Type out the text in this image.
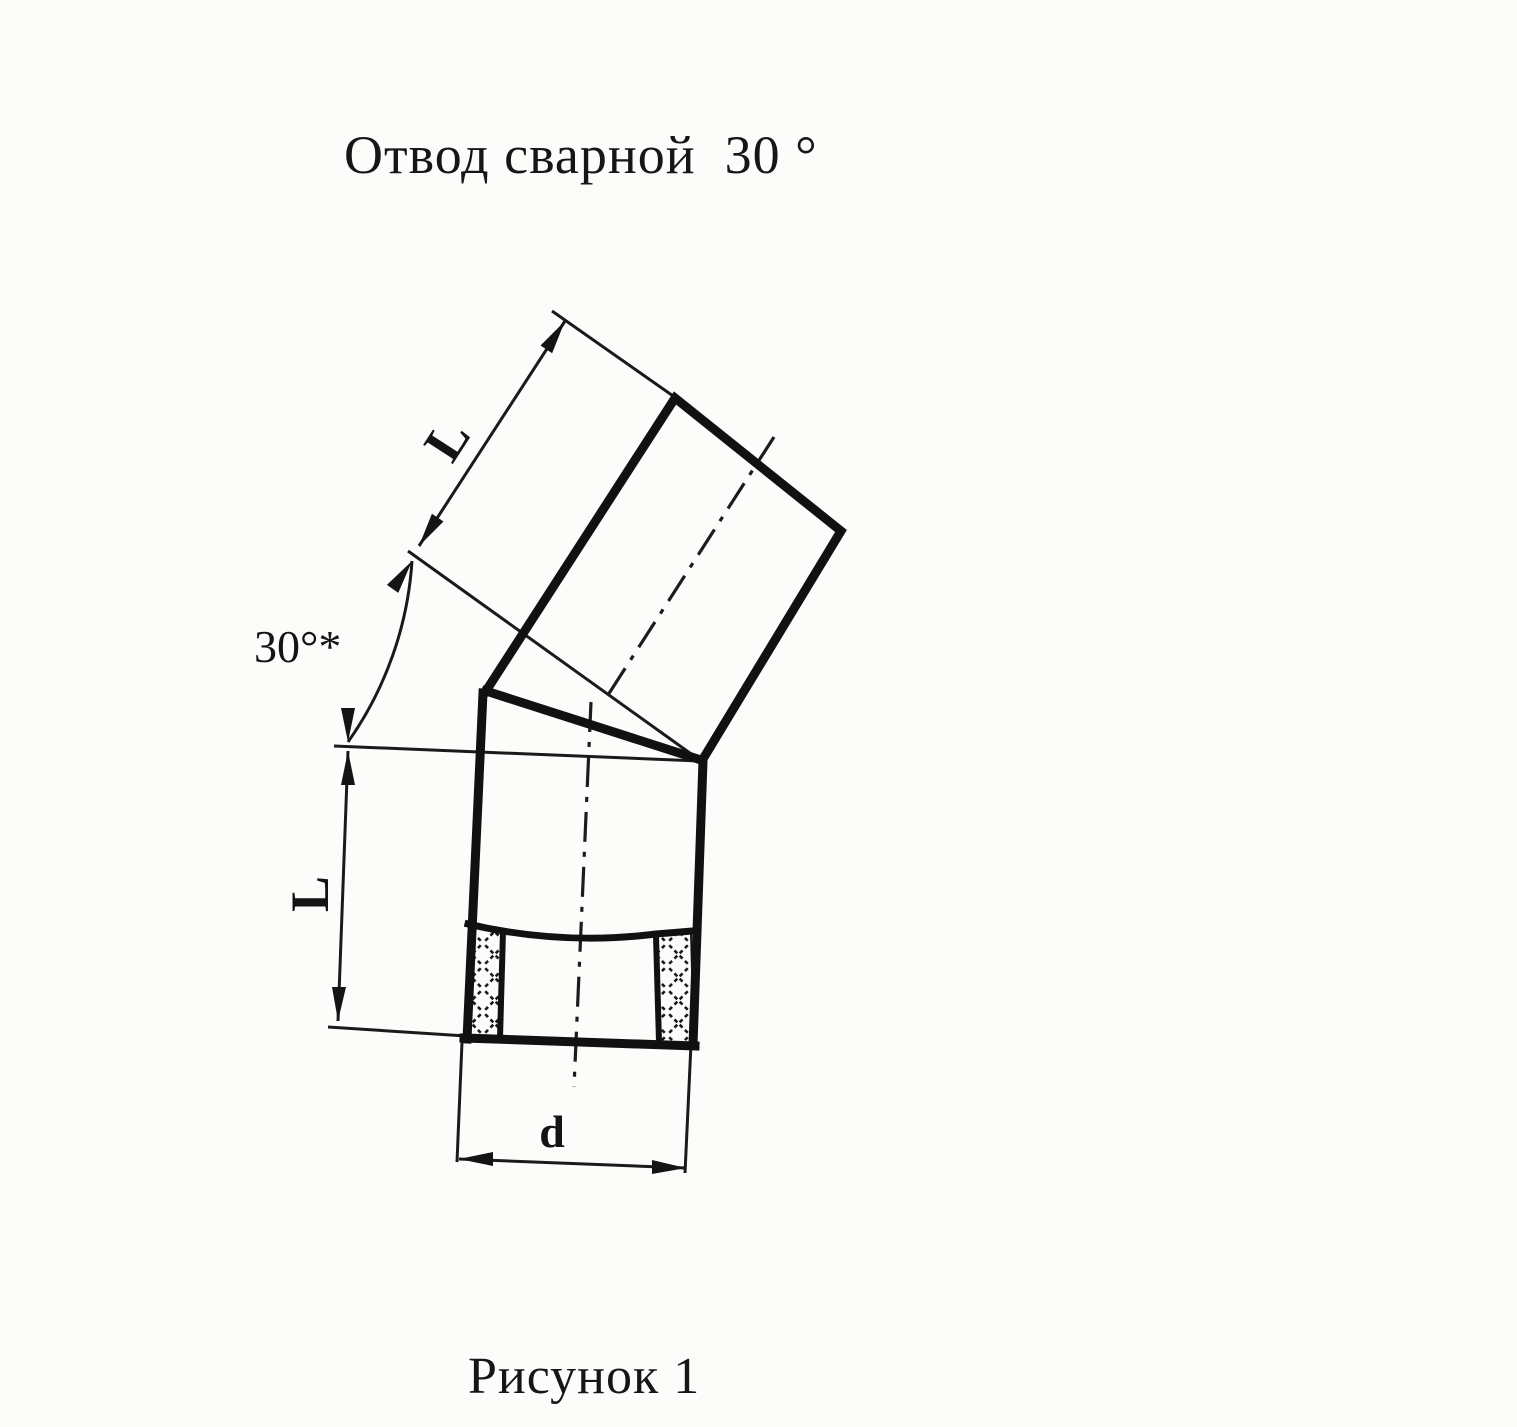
Отвод сварной  30 °
30°*
L
L
d
Рисунок 1
